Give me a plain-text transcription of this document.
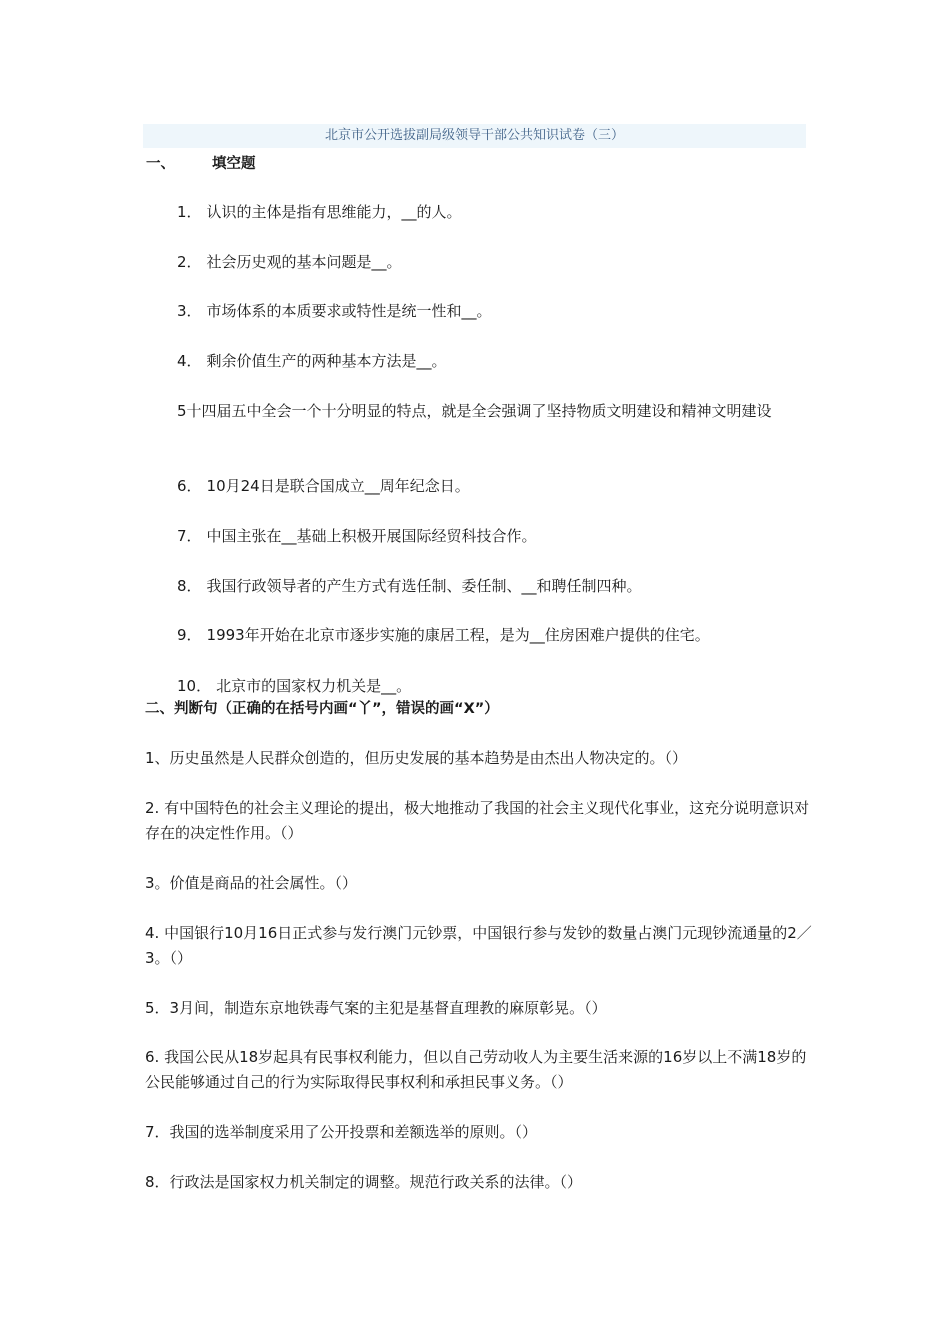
北京市公开选拔副局级领导干部公共知识试卷（三）
一、	填空题
1． 认识的主体是指有思维能力，__的人。
2． 社会历史观的基本问题是__。
3． 市场体系的本质要求或特性是统一性和__。
4． 剩余价值生产的两种基本方法是__。
5十四届五中全会一个十分明显的特点，就是全会强调了坚持物质文明建设和精神文明建设
6． 10月24日是联合国成立__周年纪念日。
7． 中国主张在__基础上积极开展国际经贸科技合作。
8． 我国行政领导者的产生方式有选任制、委任制、__和聘任制四种。
9． 1993年开始在北京市逐步实施的康居工程，是为__住房困难户提供的住宅。
10． 北京市的国家权力机关是__。
二、判断句（正确的在括号内画“丫”，错误的画“X”）
1、历史虽然是人民群众创造的，但历史发展的基本趋势是由杰出人物决定的。（）
2. 有中国特色的社会主义理论的提出，极大地推动了我国的社会主义现代化事业，这充分说明意识对存在的决定性作用。（）
3。价值是商品的社会属性。（）
4. 中国银行10月16日正式参与发行澳门元钞票，中国银行参与发钞的数量占澳门元现钞流通量的2／3。（）
5．3月间，制造东京地铁毒气案的主犯是基督直理教的麻原彰晃。（）
6. 我国公民从18岁起具有民事权利能力，但以自己劳动收人为主要生活来源的16岁以上不满18岁的公民能够通过自己的行为实际取得民事权利和承担民事义务。（）
7．我国的选举制度采用了公开投票和差额选举的原则。（）
8．行政法是国家权力机关制定的调整。规范行政关系的法律。（）
